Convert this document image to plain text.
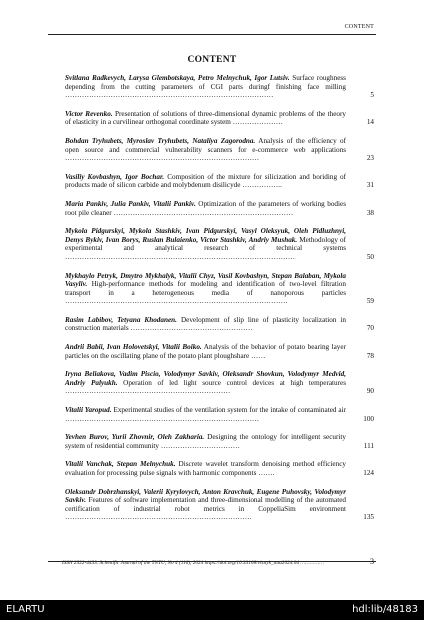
CONTENT
CONTENT
Svitlana Radkevych, Larysa Glembotskaya, Petro Melnychuk, Igor Lutsiv. Surface roughness depending from the cutting parameters of CGI parts duringf finishing face milling ……………………………………………………………………………	5
Victor Revenko. Presentation of solutions of three-dimensional dynamic problems of the theory of elasticity in a curvilinear orthogonal coordinate system …………………	14
Bohdan Tryhubets, Myroslav Tryhubets, Nataliya Zagorodna. Analysis of the efficiency of open source and commercial vulnerability scanners for e-commerce web applications ………………………………………………………………………	23
Vasiliy Kovbashyn, Igor Bochar. Composition of the mixture for silicization and boriding of products made of silicon carbide and molybdenum disilicyde ……………..	31
Maria Pankiv, Julia Pankiv, Vitalii Pankiv. Optimization of the parameters of working bodies root pile cleaner …………………………………………………………………	38
Mykola Pidgurskyi, Mykola Stashkiv, Ivan Pidgurskyi, Vasyl Oleksyuk, Oleh Pidluzhnyi, Denys Bykiv, Ivan Borys, Ruslan Bulaienko, Victor Stashkiv, Andriy Mushak. Methodology of experimental and analytical research of technical systems ……………………………………………………………………………………	50
Mykhaylo Petryk, Dmytro Mykhalyk, Vitalii Chyz, Vasil Kovbashyn, Stepan Balaban, Mykola Vasyliv. High-performance methods for modeling and identification of two-level filtration transport in a heterogeneous media of nanoporous particles …………………………………………………………………………………	59
Rasim Labibov, Tetyana Khodanen. Development of slip line of plasticity localization in construction materials ……………………………………………	70
Andrii Babii, Ivan Holovetskyi, Vitalii Boiko. Analysis of the behavior of potato bearing layer particles on the oscillating plane of the potato plant ploughshare ……	78
Iryna Beliakova, Vadim Piscio, Volodymyr Savkiv, Oleksandr Shovkun, Volodymyr Medvid, Andriy Palyukh. Operation of led light source control devices at high temperatures ……………………………………………………………	90
Vitalii Yaropud. Experimental studies of the ventilation system for the intake of contaminated air ………………………………………………………………………	100
Yevhen Burov, Yurii Zhovnir, Oleh Zakharia. Designing the ontology for intelligent security system of residential community ……………………………	111
Vitalii Vanchak, Stepan Melnychuk. Discrete wavelet transform denoising method efficiency evaluation for processing pulse signals with harmonic components …….	124
Oleksandr Dobrzhanskyi, Valerii Kyrylovych, Anton Kravchuk, Eugene Puhovsky, Volodymyr Savkiv. Features of software implementation and three-dimensional modelling of the automated certification of industrial robot metrics in CoppeliaSim environment ……………………………………………………………………	135
ISSN 2522-4433. Scientific Journal of the TNTU, No 4 (116), 2024 https://doi.org/10.33108/visnyk_tntu2024.04 ……………	3
ELARTU	hdl:lib/48183
